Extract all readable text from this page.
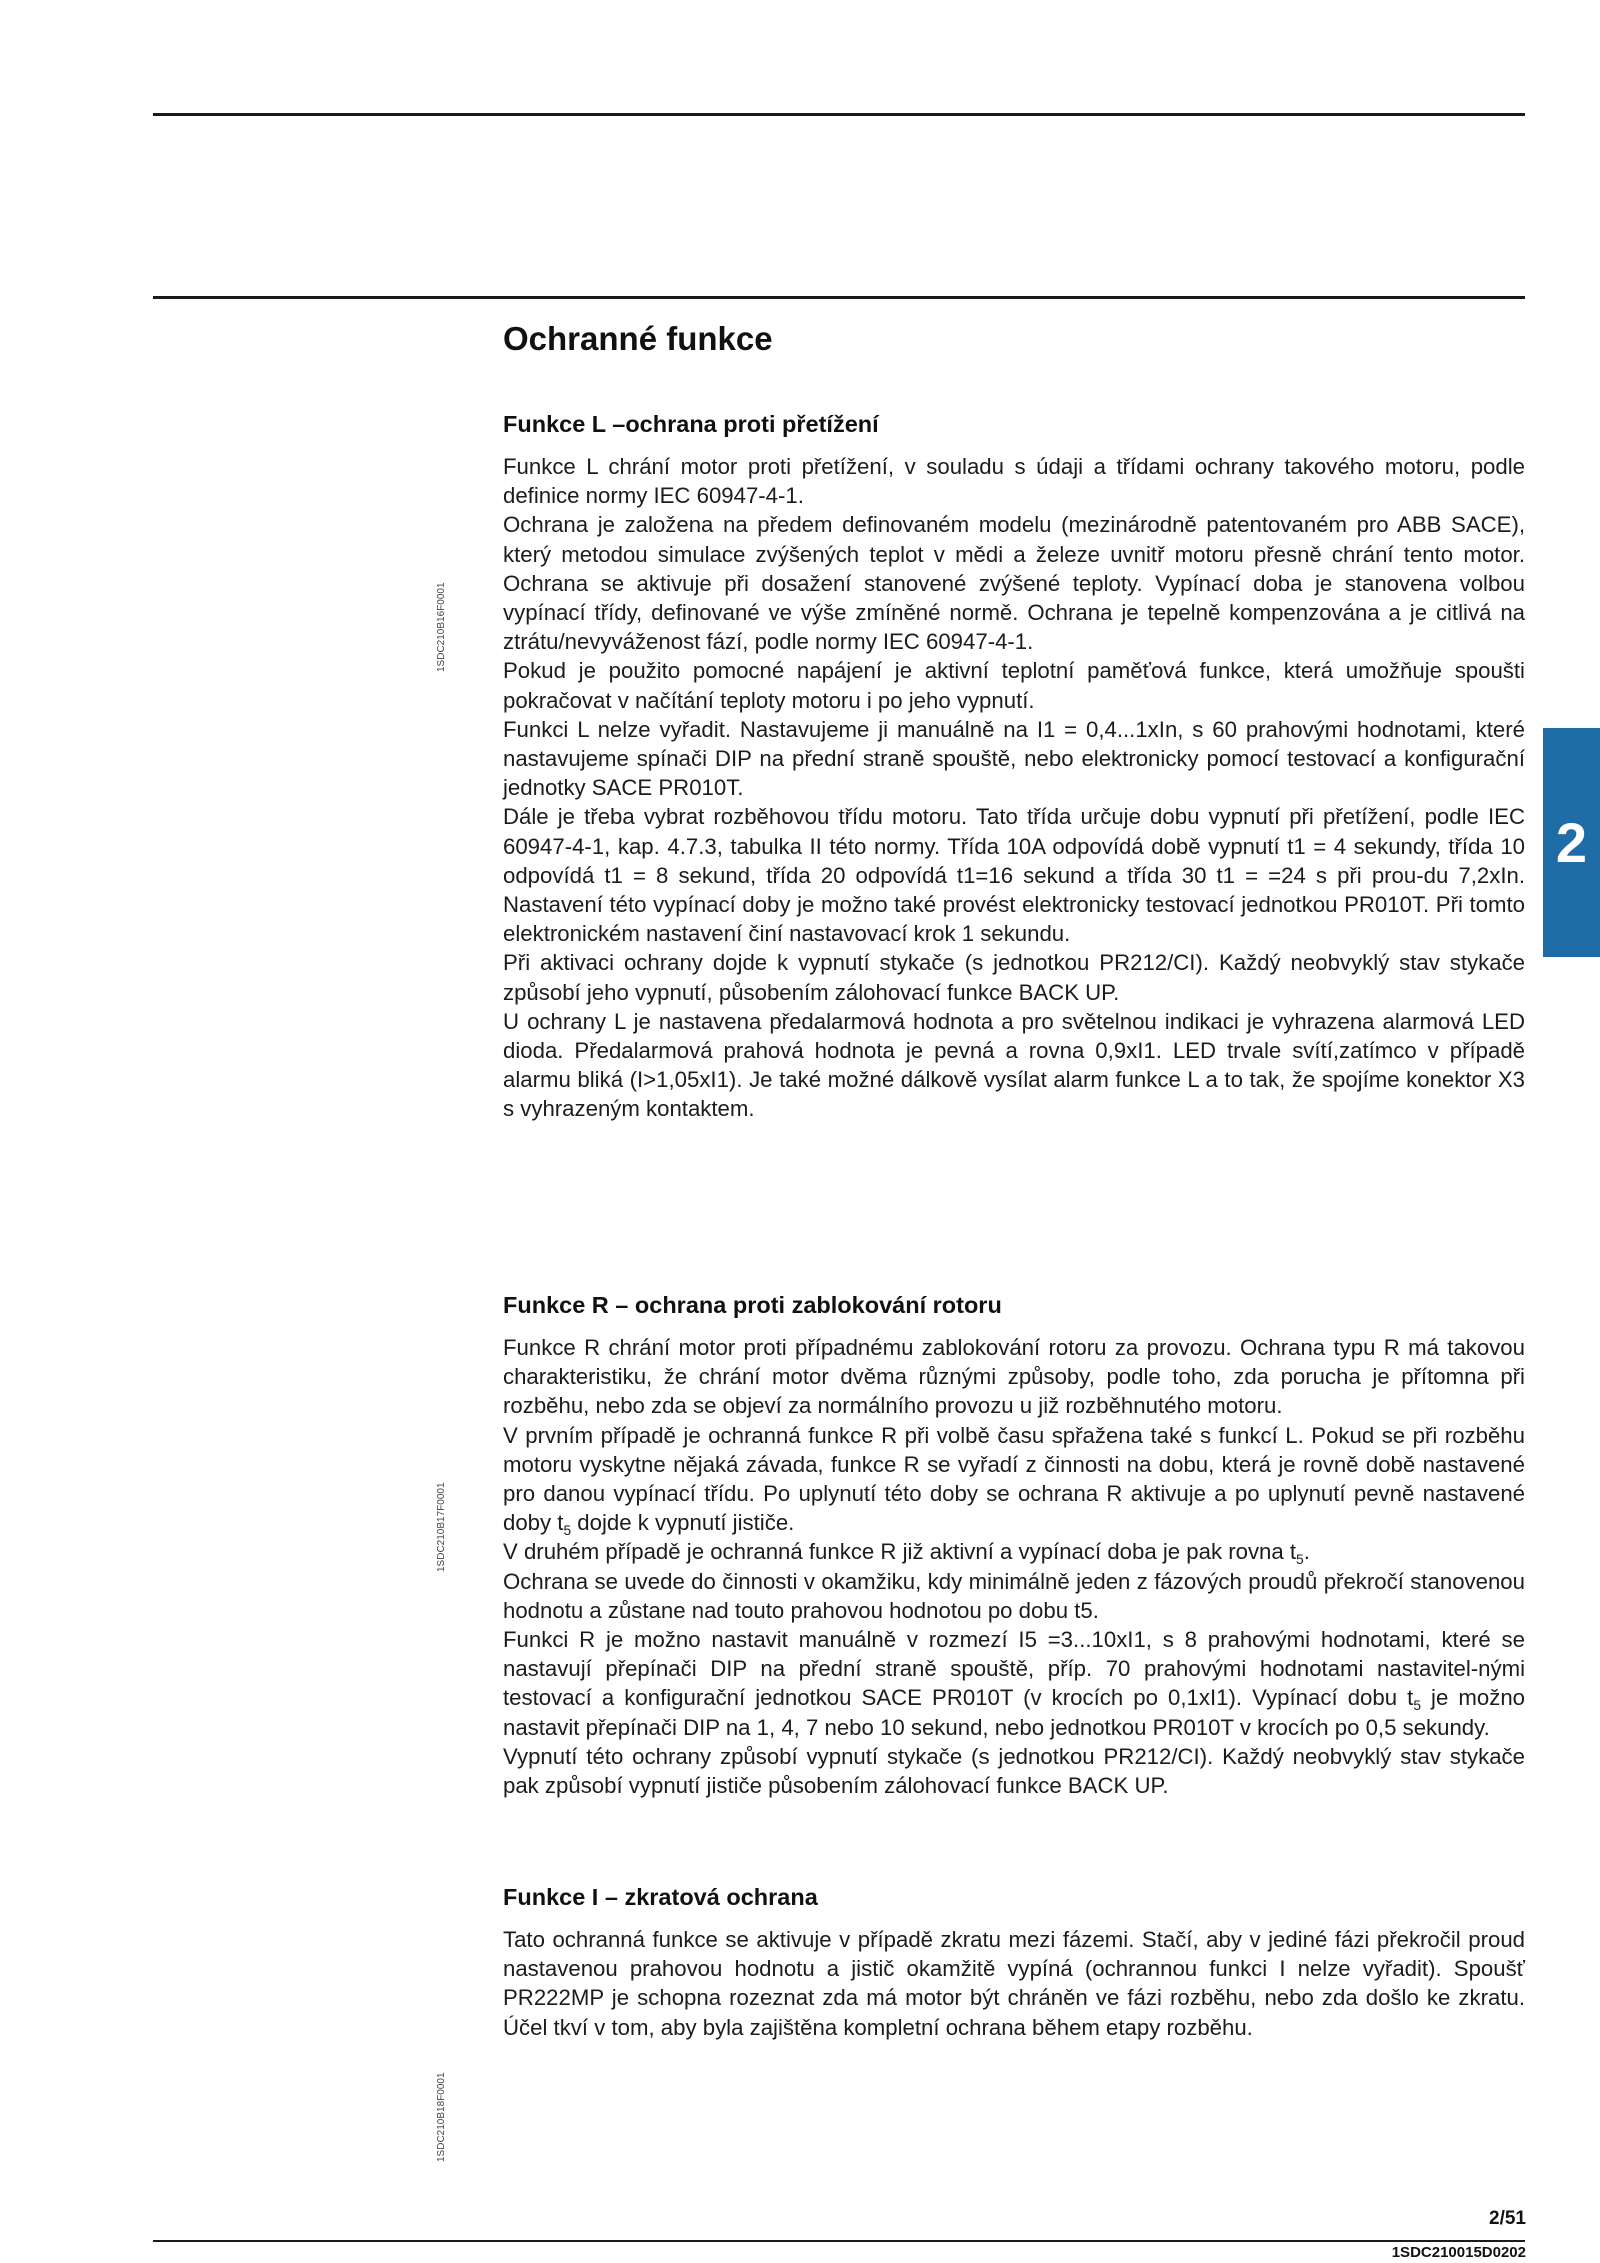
Ochranné funkce
1SDC210B16F0001
1SDC210B17F0001
1SDC210B18F0001
Funkce L –ochrana proti přetížení

Funkce L chrání motor proti přetížení, v souladu s údaji a třídami ochrany takového motoru, podle definice normy IEC 60947-4-1.

Ochrana je založena na předem definovaném modelu (mezinárodně patentovaném pro ABB SACE), který metodou simulace zvýšených teplot v mědi a železe uvnitř motoru přesně chrání tento motor. Ochrana se aktivuje při dosažení stanovené zvýšené teploty. Vypínací doba je stanovena volbou vypínací třídy, definované ve výše zmíněné normě. Ochrana je tepelně kompenzována a je citlivá na ztrátu/nevyváženost fází, podle normy IEC 60947-4-1.

Pokud je použito pomocné napájení je aktivní teplotní paměťová funkce, která umožňuje spoušti pokračovat v načítání teploty motoru i po jeho vypnutí.

Funkci L nelze vyřadit. Nastavujeme ji manuálně na I1 = 0,4...1xIn, s 60 prahovými hodnotami, které nastavujeme spínači DIP na přední straně spouště, nebo elektronicky pomocí testovací a konfigurační jednotky SACE PR010T.

Dále je třeba vybrat rozběhovou třídu motoru. Tato třída určuje dobu vypnutí při přetížení, podle IEC 60947-4-1, kap. 4.7.3, tabulka II této normy. Třída 10A odpovídá době vypnutí t1 = 4 sekundy, třída 10 odpovídá t1 = 8 sekund, třída 20 odpovídá t1=16 sekund a třída 30 t1 = =24 s při prou-du 7,2xIn. Nastavení této vypínací doby je možno také provést elektronicky testovací jednotkou PR010T. Při tomto elektronickém nastavení činí nastavovací krok 1 sekundu.

Při aktivaci ochrany dojde k vypnutí stykače (s jednotkou PR212/CI). Každý neobvyklý stav stykače způsobí jeho vypnutí, působením zálohovací funkce BACK UP.

U ochrany L je nastavena předalarmová hodnota a pro světelnou indikaci je vyhrazena alarmová LED dioda. Předalarmová prahová hodnota je pevná a rovna 0,9xI1. LED trvale svítí,zatímco v případě alarmu bliká (I>1,05xI1). Je také možné dálkově vysílat alarm funkce L a to tak, že spojíme konektor X3 s vyhrazeným kontaktem.

Funkce R – ochrana proti zablokování rotoru

Funkce R chrání motor proti případnému zablokování rotoru za provozu. Ochrana typu R má takovou charakteristiku, že chrání motor dvěma různými způsoby, podle toho, zda porucha je přítomna při rozběhu, nebo zda se objeví za normálního provozu u již rozběhnutého motoru.

V prvním případě je ochranná funkce R při volbě času spřažena také s funkcí L. Pokud se při rozběhu motoru vyskytne nějaká závada, funkce R se vyřadí z činnosti na dobu, která je rovně době nastavené pro danou vypínací třídu. Po uplynutí této doby se ochrana R aktivuje a po uplynutí pevně nastavené doby $t_5$ dojde k vypnutí jističe.

V druhém případě je ochranná funkce R již aktivní a vypínací doba je pak rovna $t_5$.

Ochrana se uvede do činnosti v okamžiku, kdy minimálně jeden z fázových proudů překročí stanovenou hodnotu a zůstane nad touto prahovou hodnotou po dobu t5.

Funkci R je možno nastavit manuálně v rozmezí I5 =3...10xI1, s 8 prahovými hodnotami, které se nastavují přepínači DIP na přední straně spouště, příp. 70 prahovými hodnotami nastavitel-nými testovací a konfigurační jednotkou SACE PR010T (v krocích po 0,1xI1). Vypínací dobu $t_5$ je možno nastavit přepínači DIP na 1, 4, 7 nebo 10 sekund, nebo jednotkou PR010T v krocích po 0,5 sekundy.

Vypnutí této ochrany způsobí vypnutí stykače (s jednotkou PR212/CI). Každý neobvyklý stav stykače pak způsobí vypnutí jističe působením zálohovací funkce BACK UP.

Funkce I – zkratová ochrana

Tato ochranná funkce se aktivuje v případě zkratu mezi fázemi. Stačí, aby v jediné fázi překročil proud nastavenou prahovou hodnotu a jistič okamžitě vypíná (ochrannou funkci I nelze vyřadit). Spoušť PR222MP je schopna rozeznat zda má motor být chráněn ve fázi rozběhu, nebo zda došlo ke zkratu. Účel tkví v tom, aby byla zajištěna kompletní ochrana během etapy rozběhu.

2
2/51
1SDC210015D0202
